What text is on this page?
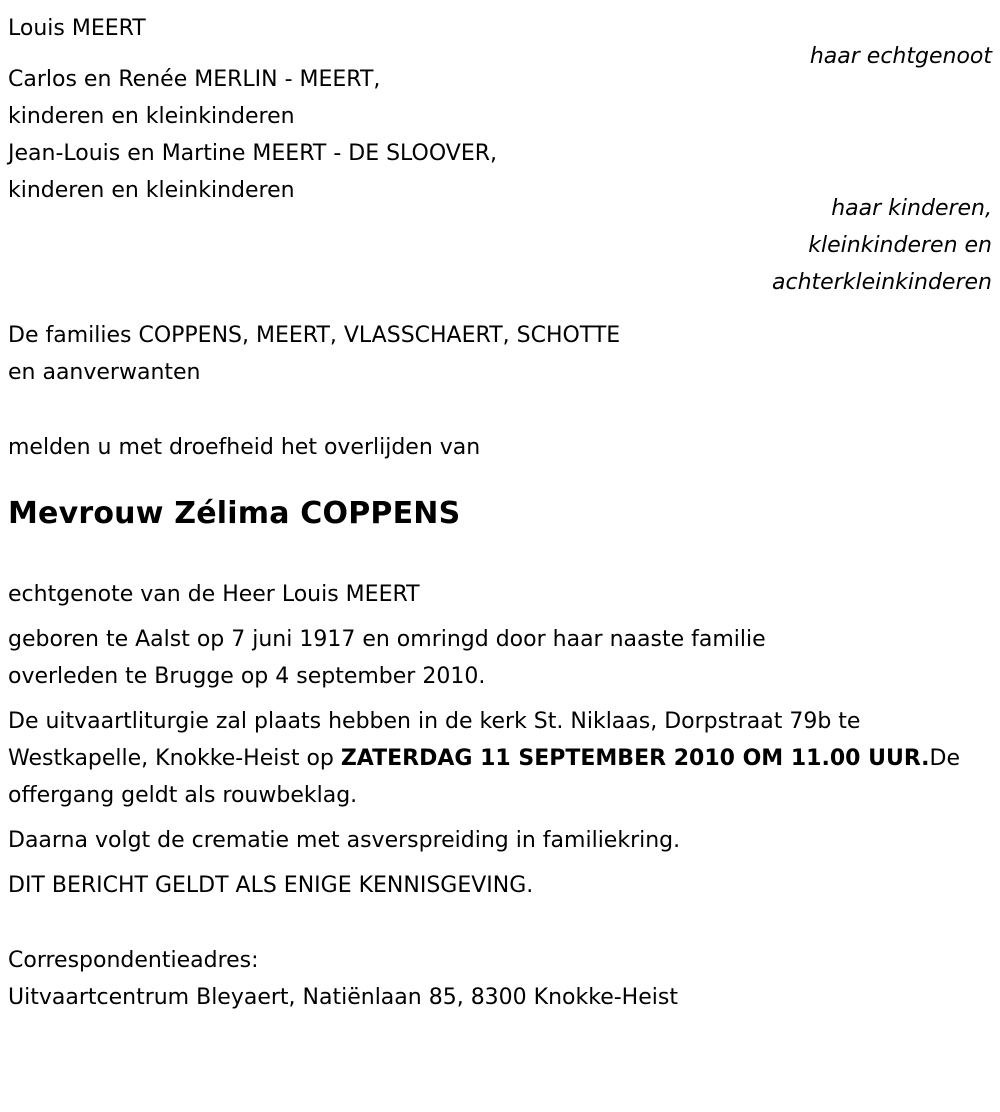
Louis MEERT
haar echtgenoot
Carlos en Renée MERLIN - MEERT,
kinderen en kleinkinderen
Jean-Louis en Martine MEERT - DE SLOOVER,
kinderen en kleinkinderen
haar kinderen,
kleinkinderen en
achterkleinkinderen
De families COPPENS, MEERT, VLASSCHAERT, SCHOTTE
en aanverwanten
melden u met droefheid het overlijden van
Mevrouw Zélima COPPENS
echtgenote van de Heer Louis MEERT
geboren te Aalst op 7 juni 1917 en omringd door haar naaste familie
overleden te Brugge op 4 september 2010.
De uitvaartliturgie zal plaats hebben in de kerk St. Niklaas, Dorpstraat 79b te Westkapelle, Knokke-Heist op ZATERDAG 11 SEPTEMBER 2010 OM 11.00 UUR.De offergang geldt als rouwbeklag.
Daarna volgt de crematie met asverspreiding in familiekring.
DIT BERICHT GELDT ALS ENIGE KENNISGEVING.
Correspondentieadres:
Uitvaartcentrum Bleyaert, Natiënlaan 85, 8300 Knokke-Heist
